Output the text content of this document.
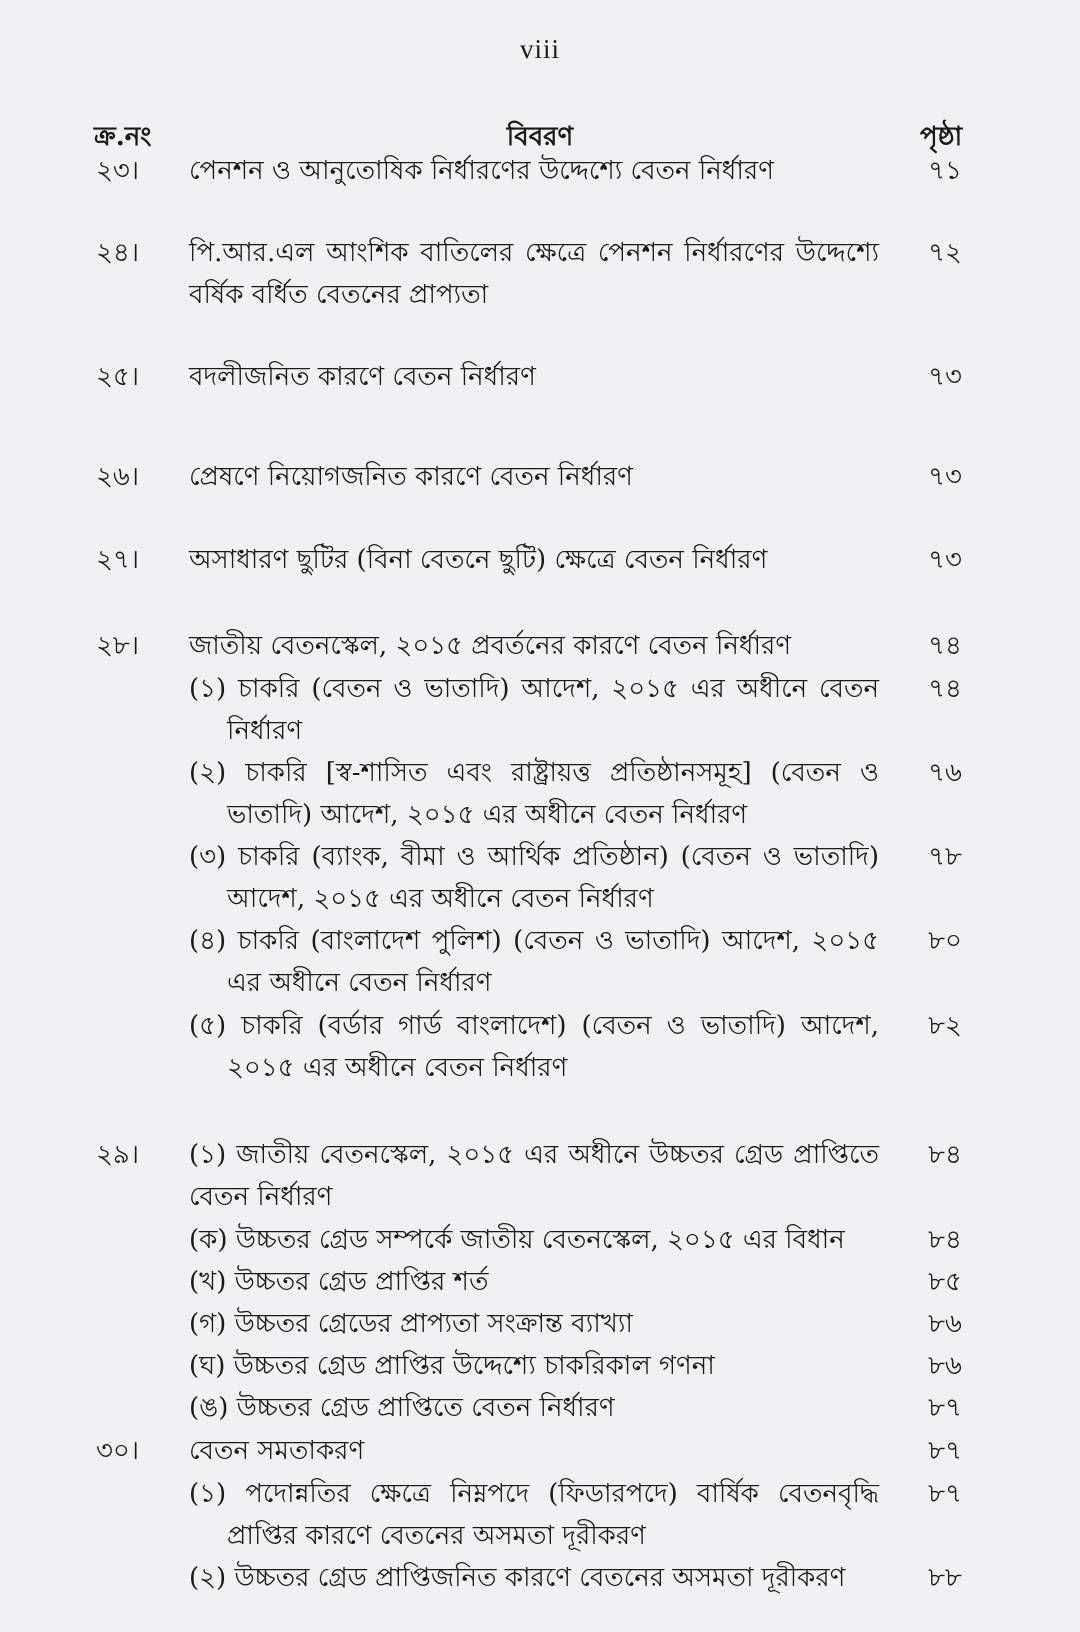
viii
ক্র.নং	বিবরণ	পৃষ্ঠা
২৩। পেনশন ও আনুতোষিক নির্ধারণের উদ্দেশ্যে বেতন নির্ধারণ	৭১
২৪। পি.আর.এল আংশিক বাতিলের ক্ষেত্রে পেনশন নির্ধারণের উদ্দেশ্যে বর্ষিক বর্ধিত বেতনের প্রাপ্যতা
৭২
২৫। বদলীজনিত কারণে বেতন নির্ধারণ	৭৩
২৬। প্রেষণে নিয়োগজনিত কারণে বেতন নির্ধারণ	৭৩
২৭। অসাধারণ ছুটির (বিনা বেতনে ছুটি) ক্ষেত্রে বেতন নির্ধারণ	৭৩
২৮। জাতীয় বেতনস্কেল, ২০১৫ প্রবর্তনের কারণে বেতন নির্ধারণ	৭৪
(১) চাকরি (বেতন ও ভাতাদি) আদেশ, ২০১৫ এর অধীনে বেতন নির্ধারণ
৭৪
(২) চাকরি [স্ব-শাসিত এবং রাষ্ট্রায়ত্ত প্রতিষ্ঠানসমূহ] (বেতন ও ভাতাদি) আদেশ, ২০১৫ এর অধীনে বেতন নির্ধারণ
৭৬
(৩) চাকরি (ব্যাংক, বীমা ও আর্থিক প্রতিষ্ঠান) (বেতন ও ভাতাদি) আদেশ, ২০১৫ এর অধীনে বেতন নির্ধারণ
৭৮
(৪) চাকরি (বাংলাদেশ পুলিশ) (বেতন ও ভাতাদি) আদেশ, ২০১৫ এর অধীনে বেতন নির্ধারণ
৮০
(৫) চাকরি (বর্ডার গার্ড বাংলাদেশ) (বেতন ও ভাতাদি) আদেশ, ২০১৫ এর অধীনে বেতন নির্ধারণ
৮২
২৯। (১) জাতীয় বেতনস্কেল, ২০১৫ এর অধীনে উচ্চতর গ্রেড প্রাপ্তিতে বেতন নির্ধারণ
৮৪
(ক) উচ্চতর গ্রেড সম্পর্কে জাতীয় বেতনস্কেল, ২০১৫ এর বিধান	৮৪
(খ) উচ্চতর গ্রেড প্রাপ্তির শর্ত	৮৫
(গ) উচ্চতর গ্রেডের প্রাপ্যতা সংক্রান্ত ব্যাখ্যা	৮৬
(ঘ) উচ্চতর গ্রেড প্রাপ্তির উদ্দেশ্যে চাকরিকাল গণনা	৮৬
(ঙ) উচ্চতর গ্রেড প্রাপ্তিতে বেতন নির্ধারণ	৮৭
৩০। বেতন সমতাকরণ	৮৭
(১) পদোন্নতির ক্ষেত্রে নিম্নপদে (ফিডারপদে) বার্ষিক বেতনবৃদ্ধি প্রাপ্তির কারণে বেতনের অসমতা দূরীকরণ
৮৭
(২) উচ্চতর গ্রেড প্রাপ্তিজনিত কারণে বেতনের অসমতা দূরীকরণ	৮৮
